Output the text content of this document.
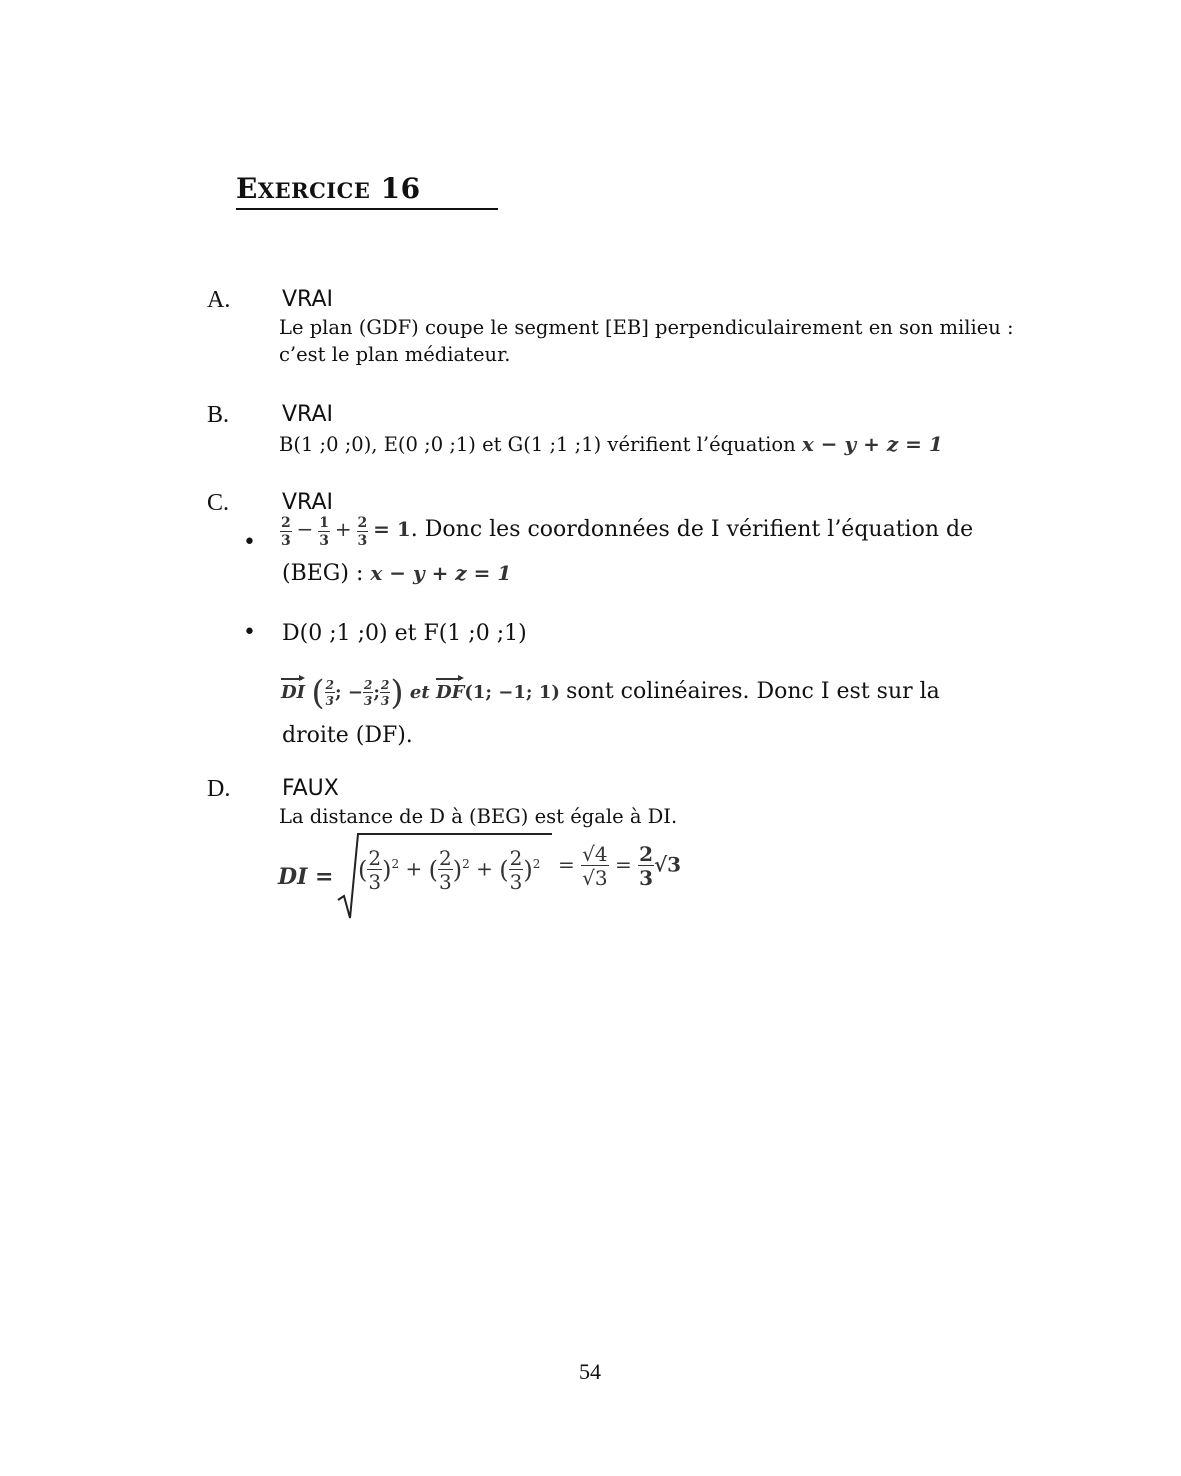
EXERCICE 16
A. VRAI
Le plan (GDF) coupe le segment [EB] perpendiculairement en son milieu :
c’est le plan médiateur.
B. VRAI
B(1 ;0 ;0), E(0 ;0 ;1) et G(1 ;1 ;1) vérifient l’équation x − y + z = 1
C. VRAI
• $\frac{2}{3} - \frac{1}{3} + \frac{2}{3} = 1$. Donc les coordonnées de I vérifient l’équation de
(BEG) : x − y + z = 1
• D(0 ;1 ;0) et F(1 ;0 ;1)
DI ( $\frac{2}{3}$ ; − $\frac{2}{3}$ ; $\frac{2}{3}$ ) et DF(1; −1; 1) sont colinéaires. Donc I est sur la
droite (DF).
D. FAUX
La distance de D à (BEG) est égale à DI.
DI = ( $\frac{2}{3} )^2$ + ( $\frac{2}{3} )^2$ + ( $\frac{2}{3} )^2 = \frac{√4}{√3} = \frac{2}{3} √3$
54
